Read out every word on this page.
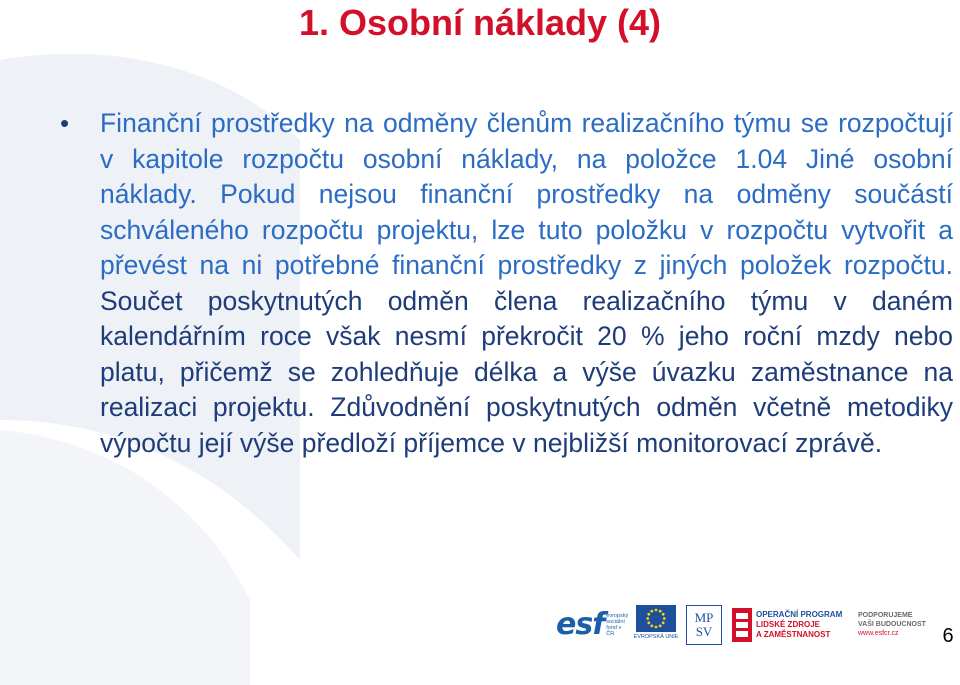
1. Osobní náklady (4)
•	Finanční prostředky na odměny členům realizačního týmu se rozpočtují v kapitole rozpočtu osobní náklady, na položce 1.04 Jiné osobní náklady. Pokud nejsou finanční prostředky na odměny součástí schváleného rozpočtu projektu, lze tuto položku v rozpočtu vytvořit a převést na ni potřebné finanční prostředky z jiných položek rozpočtu. Součet poskytnutých odměn člena realizačního týmu v daném kalendářním roce však nesmí překročit 20 % jeho roční mzdy nebo platu, přičemž se zohledňuje délka a výše úvazku zaměstnance na realizaci projektu. Zdůvodnění poskytnutých odměn včetně metodiky výpočtu její výše předloží příjemce v nejbližší monitorovací zprávě.

esf evropský
sociální
fond v ČR	EVROPSKÁ UNIE
MP
SV
OPERAČNÍ PROGRAM
LIDSKÉ ZDROJE
A ZAMĚSTNANOST
PODPORUJEME
VAŠI BUDOUCNOST
www.esfcr.cz	6
